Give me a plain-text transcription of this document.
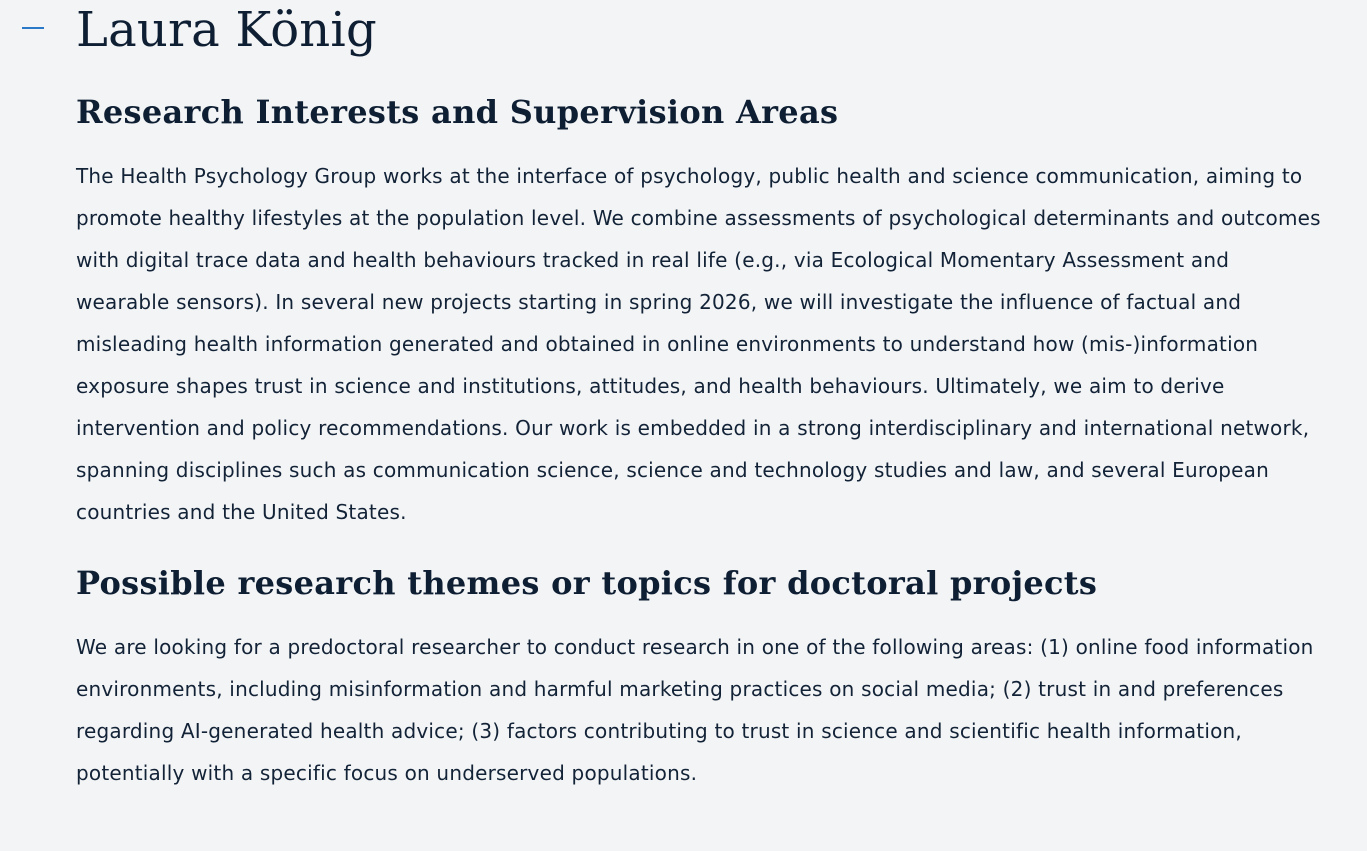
Laura König
Research Interests and Supervision Areas

The Health Psychology Group works at the interface of psychology, public health and science communication, aiming to promote healthy lifestyles at the population level. We combine assessments of psychological determinants and outcomes with digital trace data and health behaviours tracked in real life (e.g., via Ecological Momentary Assessment and wearable sensors). In several new projects starting in spring 2026, we will investigate the influence of factual and misleading health information generated and obtained in online environments to understand how (mis-)information exposure shapes trust in science and institutions, attitudes, and health behaviours. Ultimately, we aim to derive intervention and policy recommendations. Our work is embedded in a strong interdisciplinary and international network, spanning disciplines such as communication science, science and technology studies and law, and several European countries and the United States.

Possible research themes or topics for doctoral projects

We are looking for a predoctoral researcher to conduct research in one of the following areas: (1) online food information environments, including misinformation and harmful marketing practices on social media; (2) trust in and preferences regarding AI-generated health advice; (3) factors contributing to trust in science and scientific health information, potentially with a specific focus on underserved populations.
